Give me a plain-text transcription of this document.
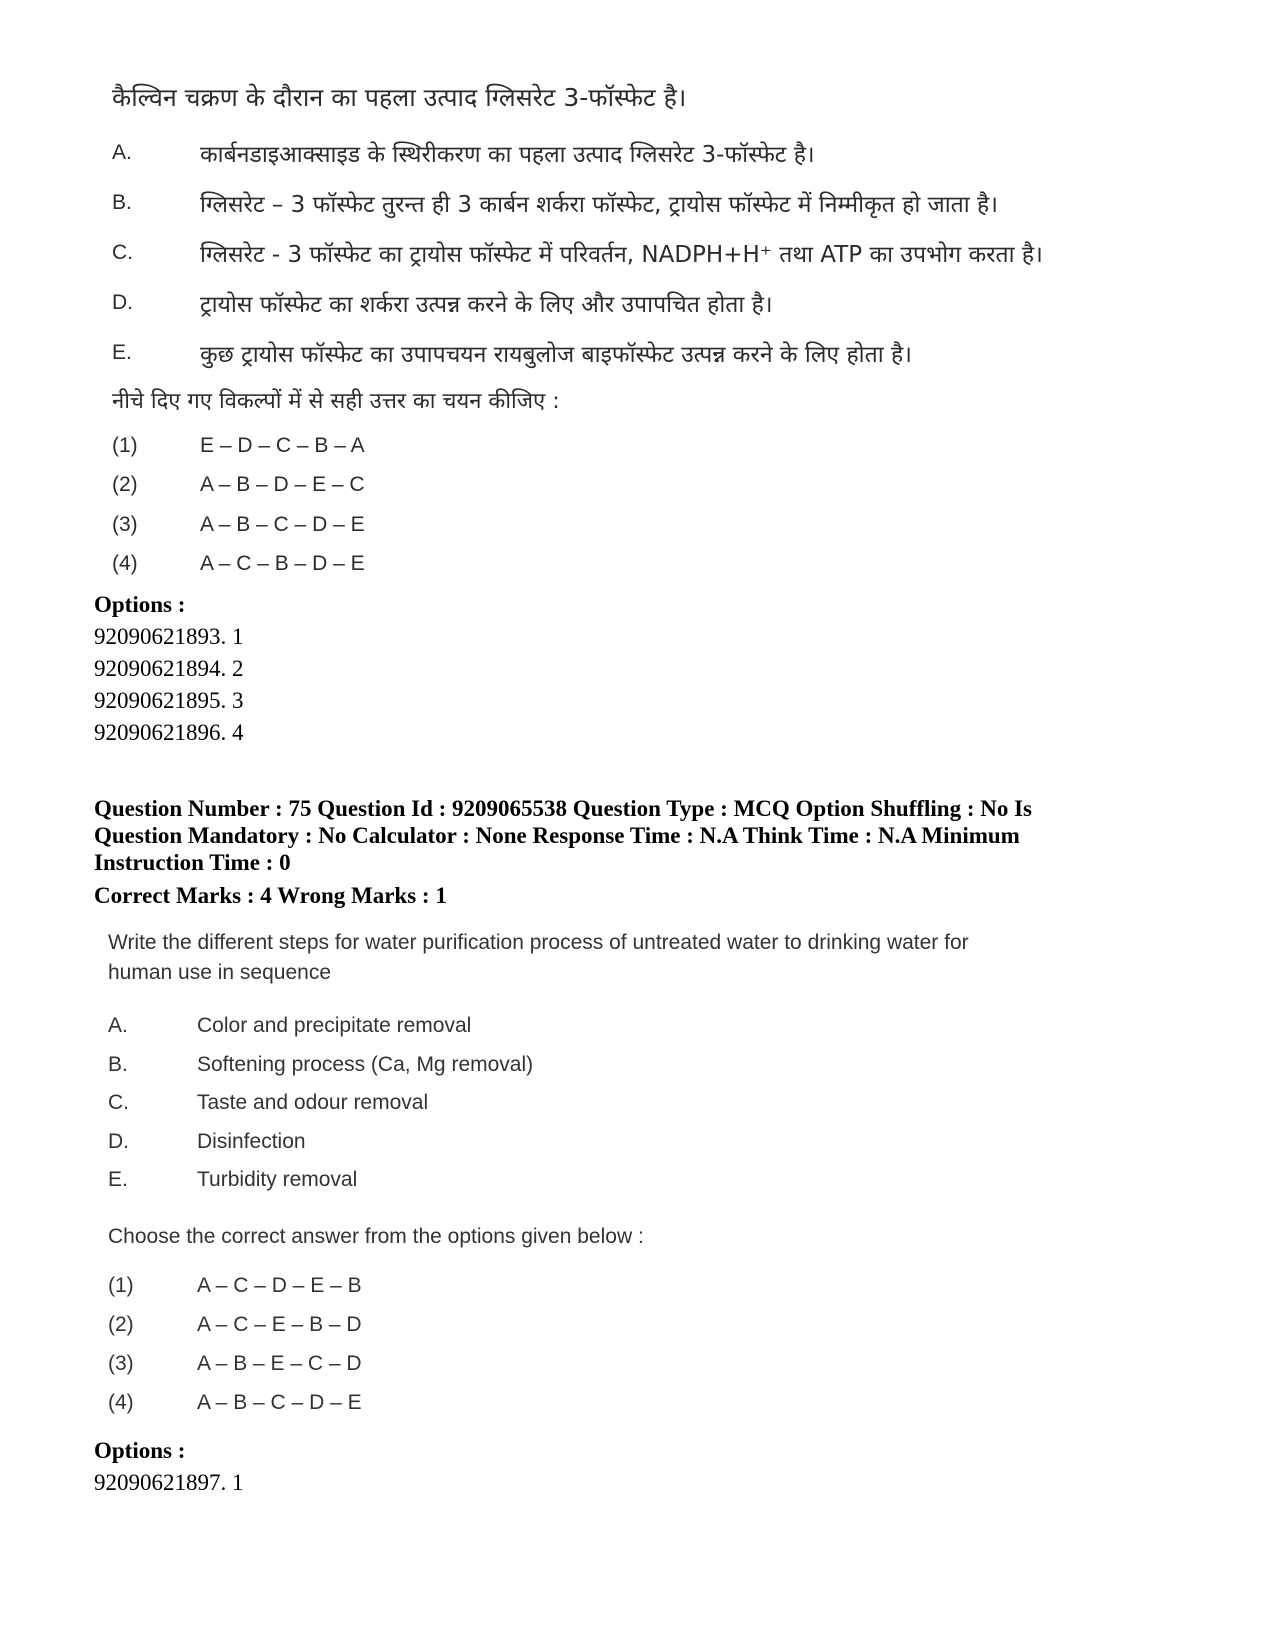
कैल्विन चक्रण के दौरान का पहला उत्पाद ग्लिसरेट 3-फॉस्फेट है।
A.	कार्बनडाइआक्साइड के स्थिरीकरण का पहला उत्पाद ग्लिसरेट 3-फॉस्फेट है।
B.	ग्लिसरेट – 3 फॉस्फेट तुरन्त ही 3 कार्बन शर्करा फॉस्फेट, ट्रायोस फॉस्फेट में निम्मीकृत हो जाता है।
C.	ग्लिसरेट - 3 फॉस्फेट का ट्रायोस फॉस्फेट में परिवर्तन, NADPH+H⁺ तथा ATP का उपभोग करता है।
D.	ट्रायोस फॉस्फेट का शर्करा उत्पन्न करने के लिए और उपापचित होता है।
E.	कुछ ट्रायोस फॉस्फेट का उपापचयन रायबुलोज बाइफॉस्फेट उत्पन्न करने के लिए होता है।
नीचे दिए गए विकल्पों में से सही उत्तर का चयन कीजिए :
(1)	E – D – C – B – A
(2)	A – B – D – E – C
(3)	A – B – C – D – E
(4)	A – C – B – D – E
Options :
92090621893. 1
92090621894. 2
92090621895. 3
92090621896. 4
Question Number : 75 Question Id : 9209065538 Question Type : MCQ Option Shuffling : No Is
Question Mandatory : No Calculator : None Response Time : N.A Think Time : N.A Minimum
Instruction Time : 0
Correct Marks : 4 Wrong Marks : 1
Write the different steps for water purification process of untreated water to drinking water for
human use in sequence
A.	Color and precipitate removal
B.	Softening process (Ca, Mg removal)
C.	Taste and odour removal
D.	Disinfection
E.	Turbidity removal
Choose the correct answer from the options given below :
(1)	A – C – D – E – B
(2)	A – C – E – B – D
(3)	A – B – E – C – D
(4)	A – B – C – D – E
Options :
92090621897. 1
